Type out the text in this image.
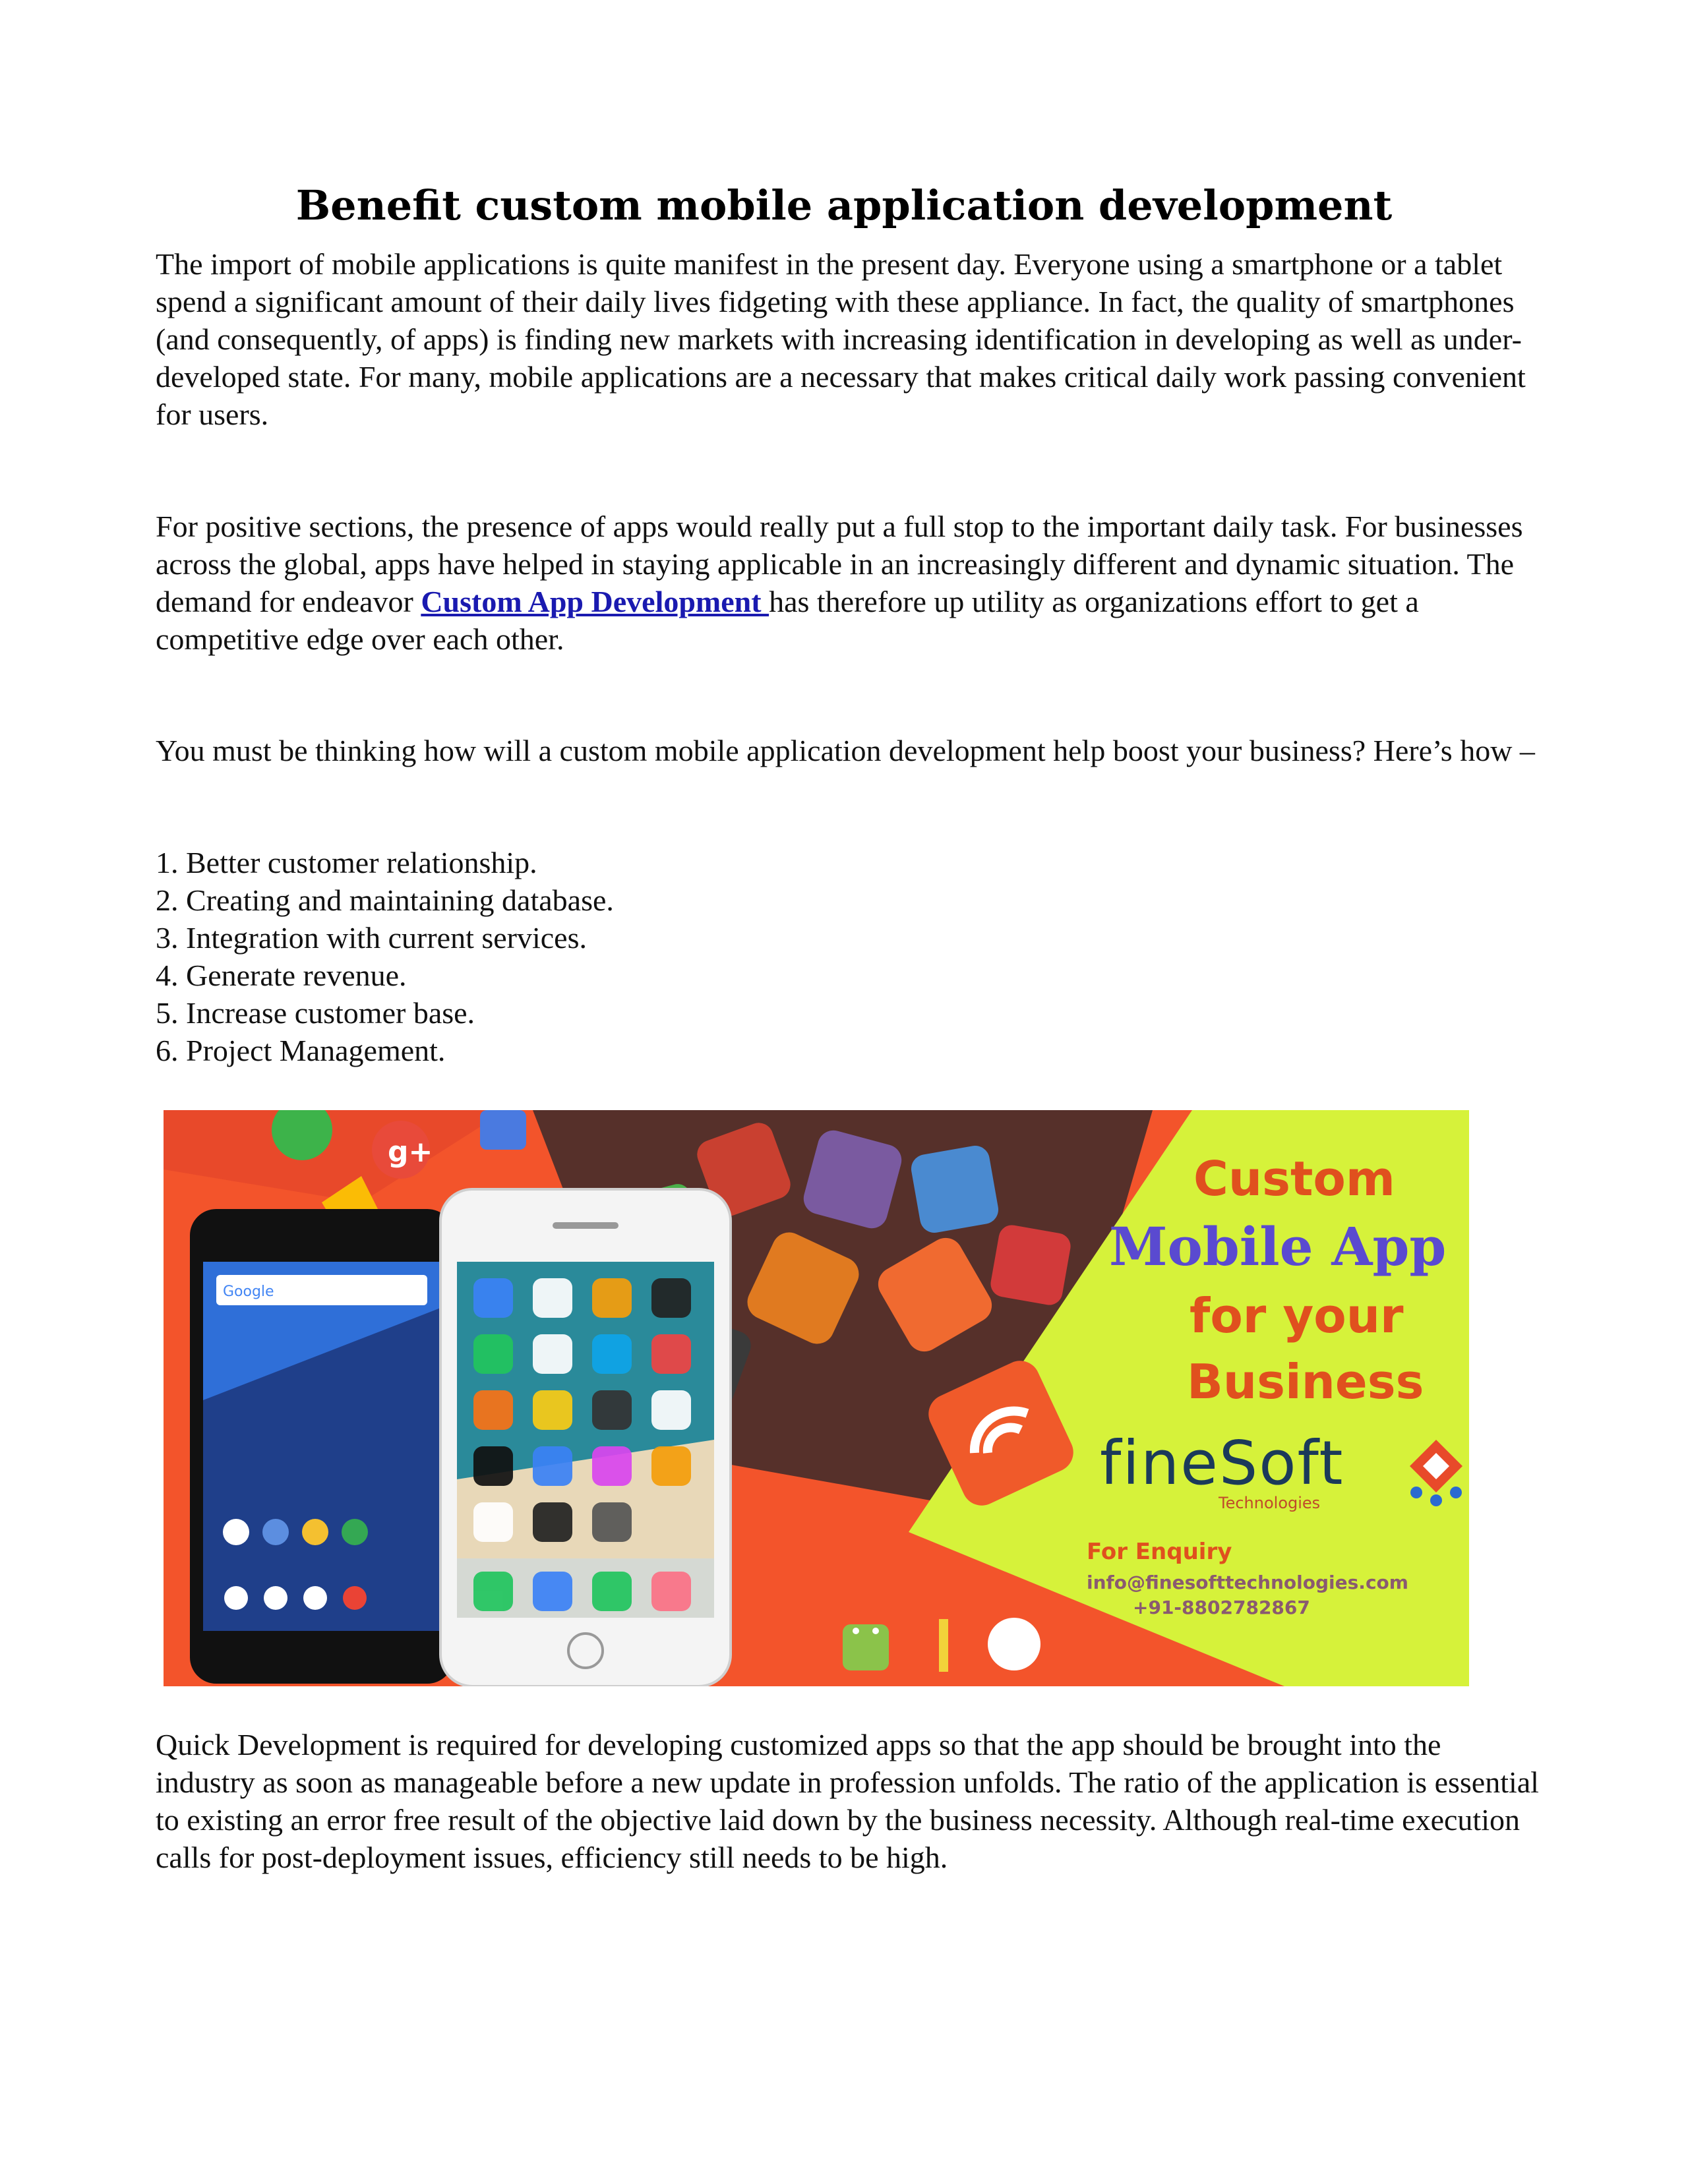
Benefit custom mobile application development

The import of mobile applications is quite manifest in the present day. Everyone using a smartphone or a tablet spend a significant amount of their daily lives fidgeting with these appliance. In fact, the quality of smartphones (and consequently, of apps) is finding new markets with increasing identification in developing as well as under-developed state. For many, mobile applications are a necessary that makes critical daily work passing convenient for users.

For positive sections, the presence of apps would really put a full stop to the important daily task. For businesses across the global, apps have helped in staying applicable in an increasingly different and dynamic situation. The demand for endeavor Custom App Development has therefore up utility as organizations effort to get a competitive edge over each other.

You must be thinking how will a custom mobile application development help boost your business? Here’s how –

1. Better customer relationship.
2. Creating and maintaining database.
3. Integration with current services.
4. Generate revenue.
5. Increase customer base.
6. Project Management.
g+
Google
Custom
Mobile App
for your
Business
fineSoft
Technologies
For Enquiry
info@finesofttechnologies.com
+91-8802782867

Quick Development is required for developing customized apps so that the app should be brought into the industry as soon as manageable before a new update in profession unfolds. The ratio of the application is essential to existing an error free result of the objective laid down by the business necessity. Although real-time execution calls for post-deployment issues, efficiency still needs to be high.
